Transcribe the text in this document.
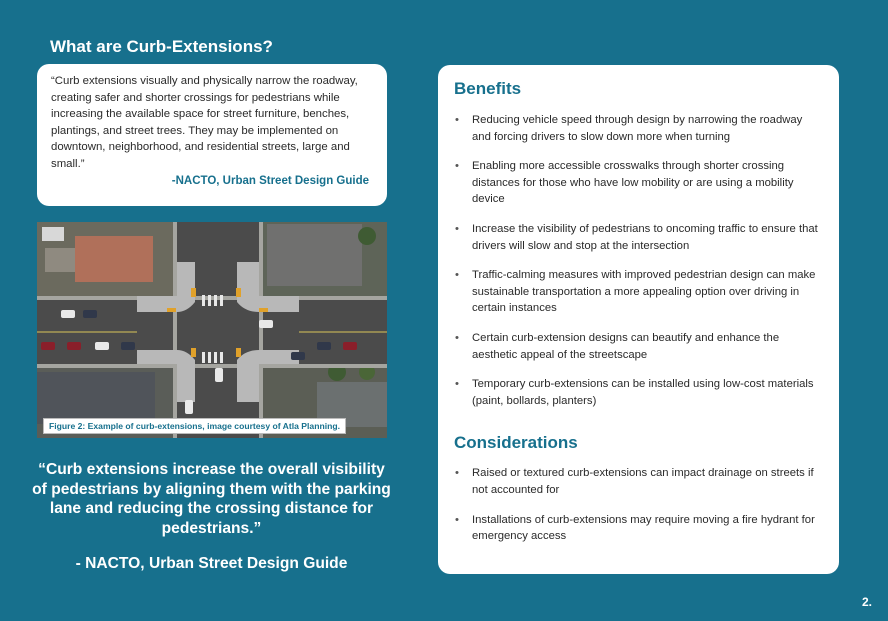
What are Curb-Extensions?

“Curb extensions visually and physically narrow the roadway, creating safer and shorter crossings for pedestrians while increasing the available space for street furniture, benches, plantings, and street trees. They may be implemented on downtown, neighborhood, and residential streets, large and small.”

-NACTO, Urban Street Design Guide

Figure 2: Example of curb-extensions, image courtesy of Atla Planning.

“Curb extensions increase the overall visibility of pedestrians by aligning them with the parking lane and reducing the crossing distance for pedestrians.”

- NACTO, Urban Street Design Guide

Benefits
• Reducing vehicle speed through design by narrowing the roadway and forcing drivers to slow down more when turning
• Enabling more accessible crosswalks through shorter crossing distances for those who have low mobility or are using a mobility device
• Increase the visibility of pedestrians to oncoming traffic to ensure that drivers will slow and stop at the intersection
• Traffic-calming measures with improved pedestrian design can make sustainable transportation a more appealing option over driving in certain instances
• Certain curb-extension designs can beautify and enhance the aesthetic appeal of the streetscape
• Temporary curb-extensions can be installed using low-cost materials (paint, bollards, planters)
Considerations
• Raised or textured curb-extensions can impact drainage on streets if not accounted for
• Installations of curb-extensions may require moving a fire hydrant for emergency access
2.
